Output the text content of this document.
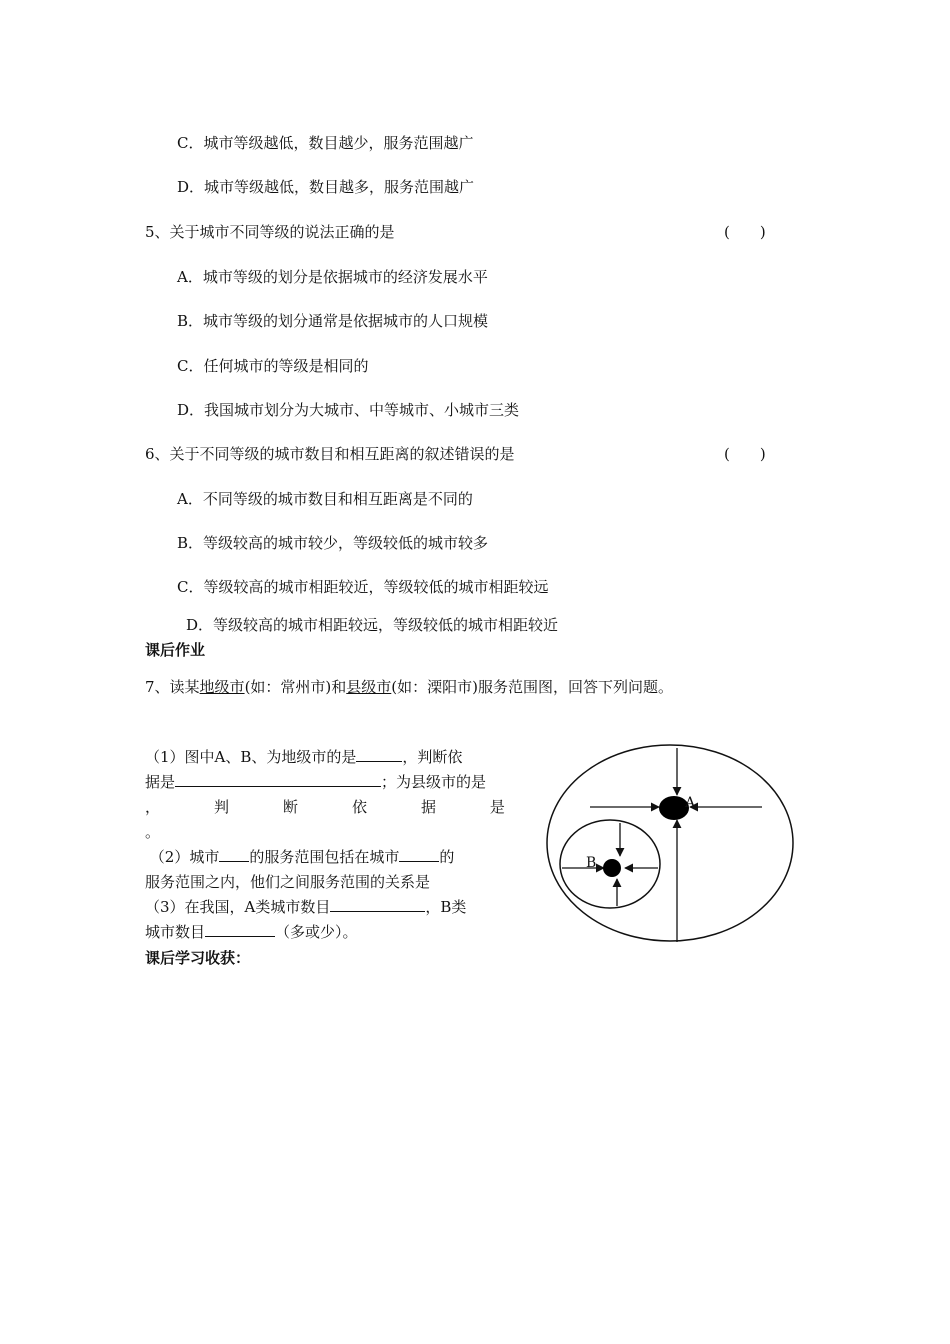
C．城市等级越低，数目越少，服务范围越广
D．城市等级越低，数目越多，服务范围越广
5、关于城市不同等级的说法正确的是	(　　)
A．城市等级的划分是依据城市的经济发展水平
B．城市等级的划分通常是依据城市的人口规模
C．任何城市的等级是相同的
D．我国城市划分为大城市、中等城市、小城市三类
6、关于不同等级的城市数目和相互距离的叙述错误的是	(　　)
A．不同等级的城市数目和相互距离是不同的
B．等级较高的城市较少，等级较低的城市较多
C．等级较高的城市相距较近，等级较低的城市相距较远
D．等级较高的城市相距较远，等级较低的城市相距较近
课后作业
7、读某地级市(如：常州市)和县级市(如：溧阳市)服务范围图，回答下列问题。
（1）图中A、B、为地级市的是	，判断依
据是	；为县级市的是
，	判	断	依	据	是
。
（2）城市 的服务范围包括在城市	的
服务范围之内，他们之间服务范围的关系是
（3）在我国，A类城市数目	，B类
城市数目	（多或少）。
课后学习收获：
A
B
